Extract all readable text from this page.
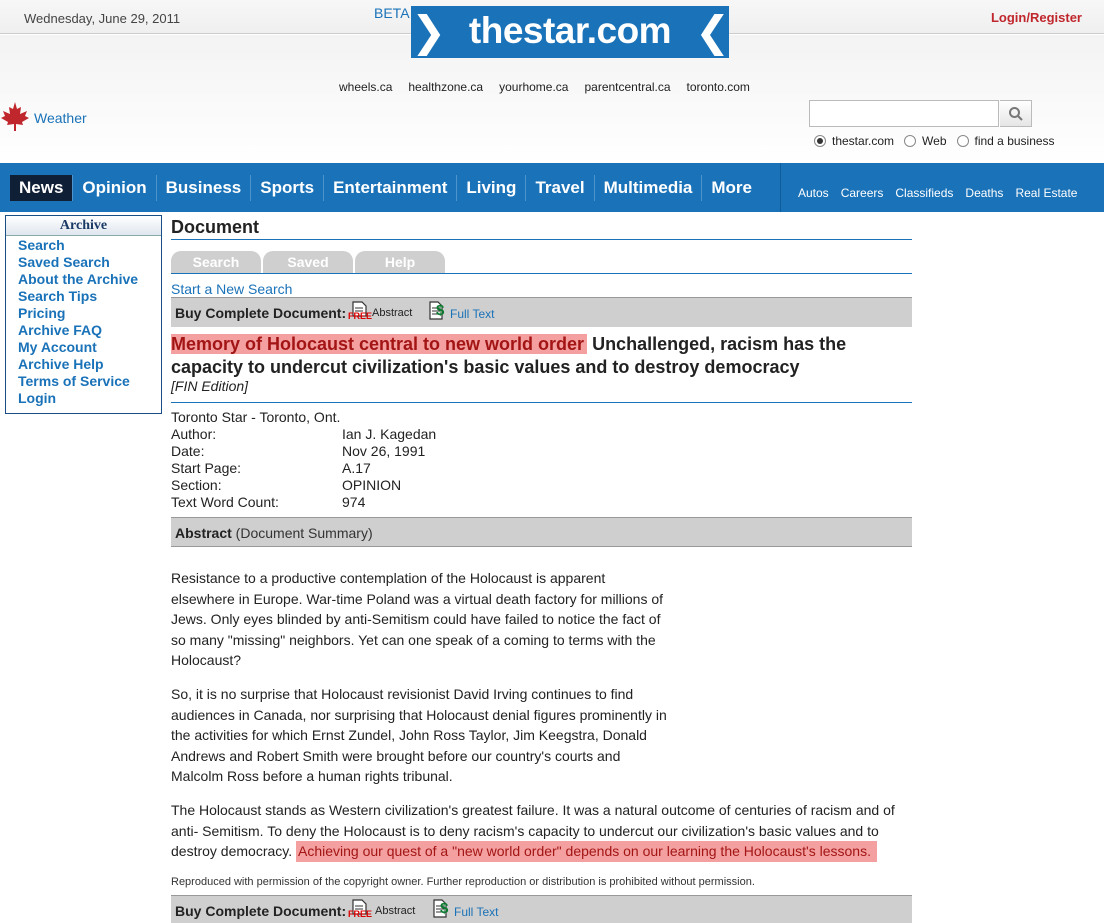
Wednesday, June 29, 2011	Login/Register
BETA ❯ thestar.com ❮
wheels.ca healthzone.ca yourhome.ca parentcentral.ca toronto.com
Weather
thestar.com	Web	find a business
News	Opinion	Business	Sports	Entertainment	Living	Travel	Multimedia	More	Autos Careers Classifieds Deaths Real Estate
Archive
Search
Saved Search
About the Archive
Search Tips
Pricing
Archive FAQ
My Account
Archive Help
Terms of Service
Login
Document
Search	Saved	Help
Start a New Search
Buy Complete Document: FREE Abstract $ Full Text
Memory of Holocaust central to new world order Unchallenged, racism has the capacity to undercut civilization's basic values and to destroy democracy
[FIN Edition]
Toronto Star - Toronto, Ont.
Author:	Ian J. Kagedan
Date:	Nov 26, 1991
Start Page:	A.17
Section:	OPINION
Text Word Count:	974
Abstract (Document Summary)

Resistance to a productive contemplation of the Holocaust is apparent elsewhere in Europe. War-time Poland was a virtual death factory for millions of Jews. Only eyes blinded by anti-Semitism could have failed to notice the fact of so many "missing" neighbors. Yet can one speak of a coming to terms with the Holocaust?

So, it is no surprise that Holocaust revisionist David Irving continues to find audiences in Canada, nor surprising that Holocaust denial figures prominently in the activities for which Ernst Zundel, John Ross Taylor, Jim Keegstra, Donald Andrews and Robert Smith were brought before our country's courts and Malcolm Ross before a human rights tribunal.

The Holocaust stands as Western civilization's greatest failure. It was a natural outcome of centuries of racism and of anti- Semitism. To deny the Holocaust is to deny racism's capacity to undercut our civilization's basic values and to destroy democracy. Achieving our quest of a "new world order" depends on our learning the Holocaust's lessons.

Reproduced with permission of the copyright owner. Further reproduction or distribution is prohibited without permission.
Buy Complete Document: FREE Abstract $ Full Text
